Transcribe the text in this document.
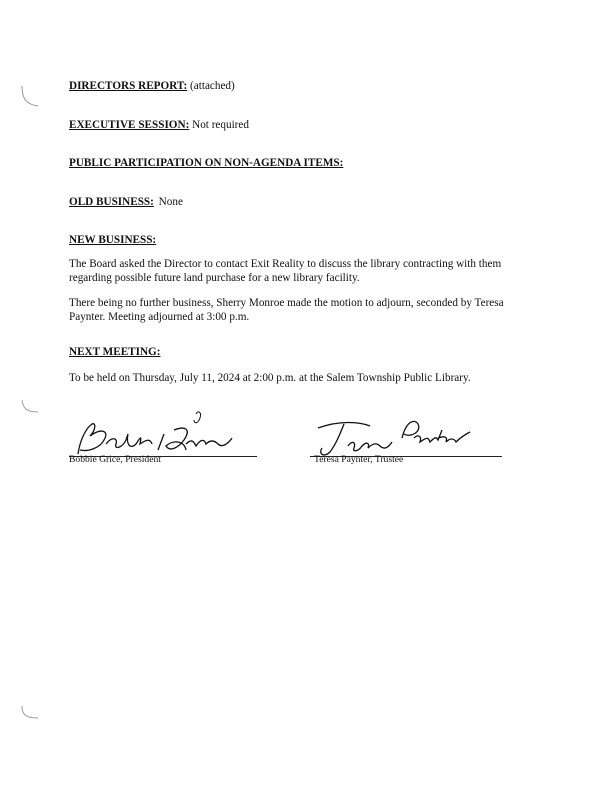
DIRECTORS REPORT: (attached)
EXECUTIVE SESSION: Not required
PUBLIC PARTICIPATION ON NON-AGENDA ITEMS:
OLD BUSINESS: None
NEW BUSINESS:

The Board asked the Director to contact Exit Reality to discuss the library contracting with them

regarding possible future land purchase for a new library facility.

There being no further business, Sherry Monroe made the motion to adjourn, seconded by Teresa

Paynter. Meeting adjourned at 3:00 p.m.

NEXT MEETING:
To be held on Thursday, July 11, 2024 at 2:00 p.m. at the Salem Township Public Library.
Bobbie Grice, President	Teresa Paynter, Trustee
